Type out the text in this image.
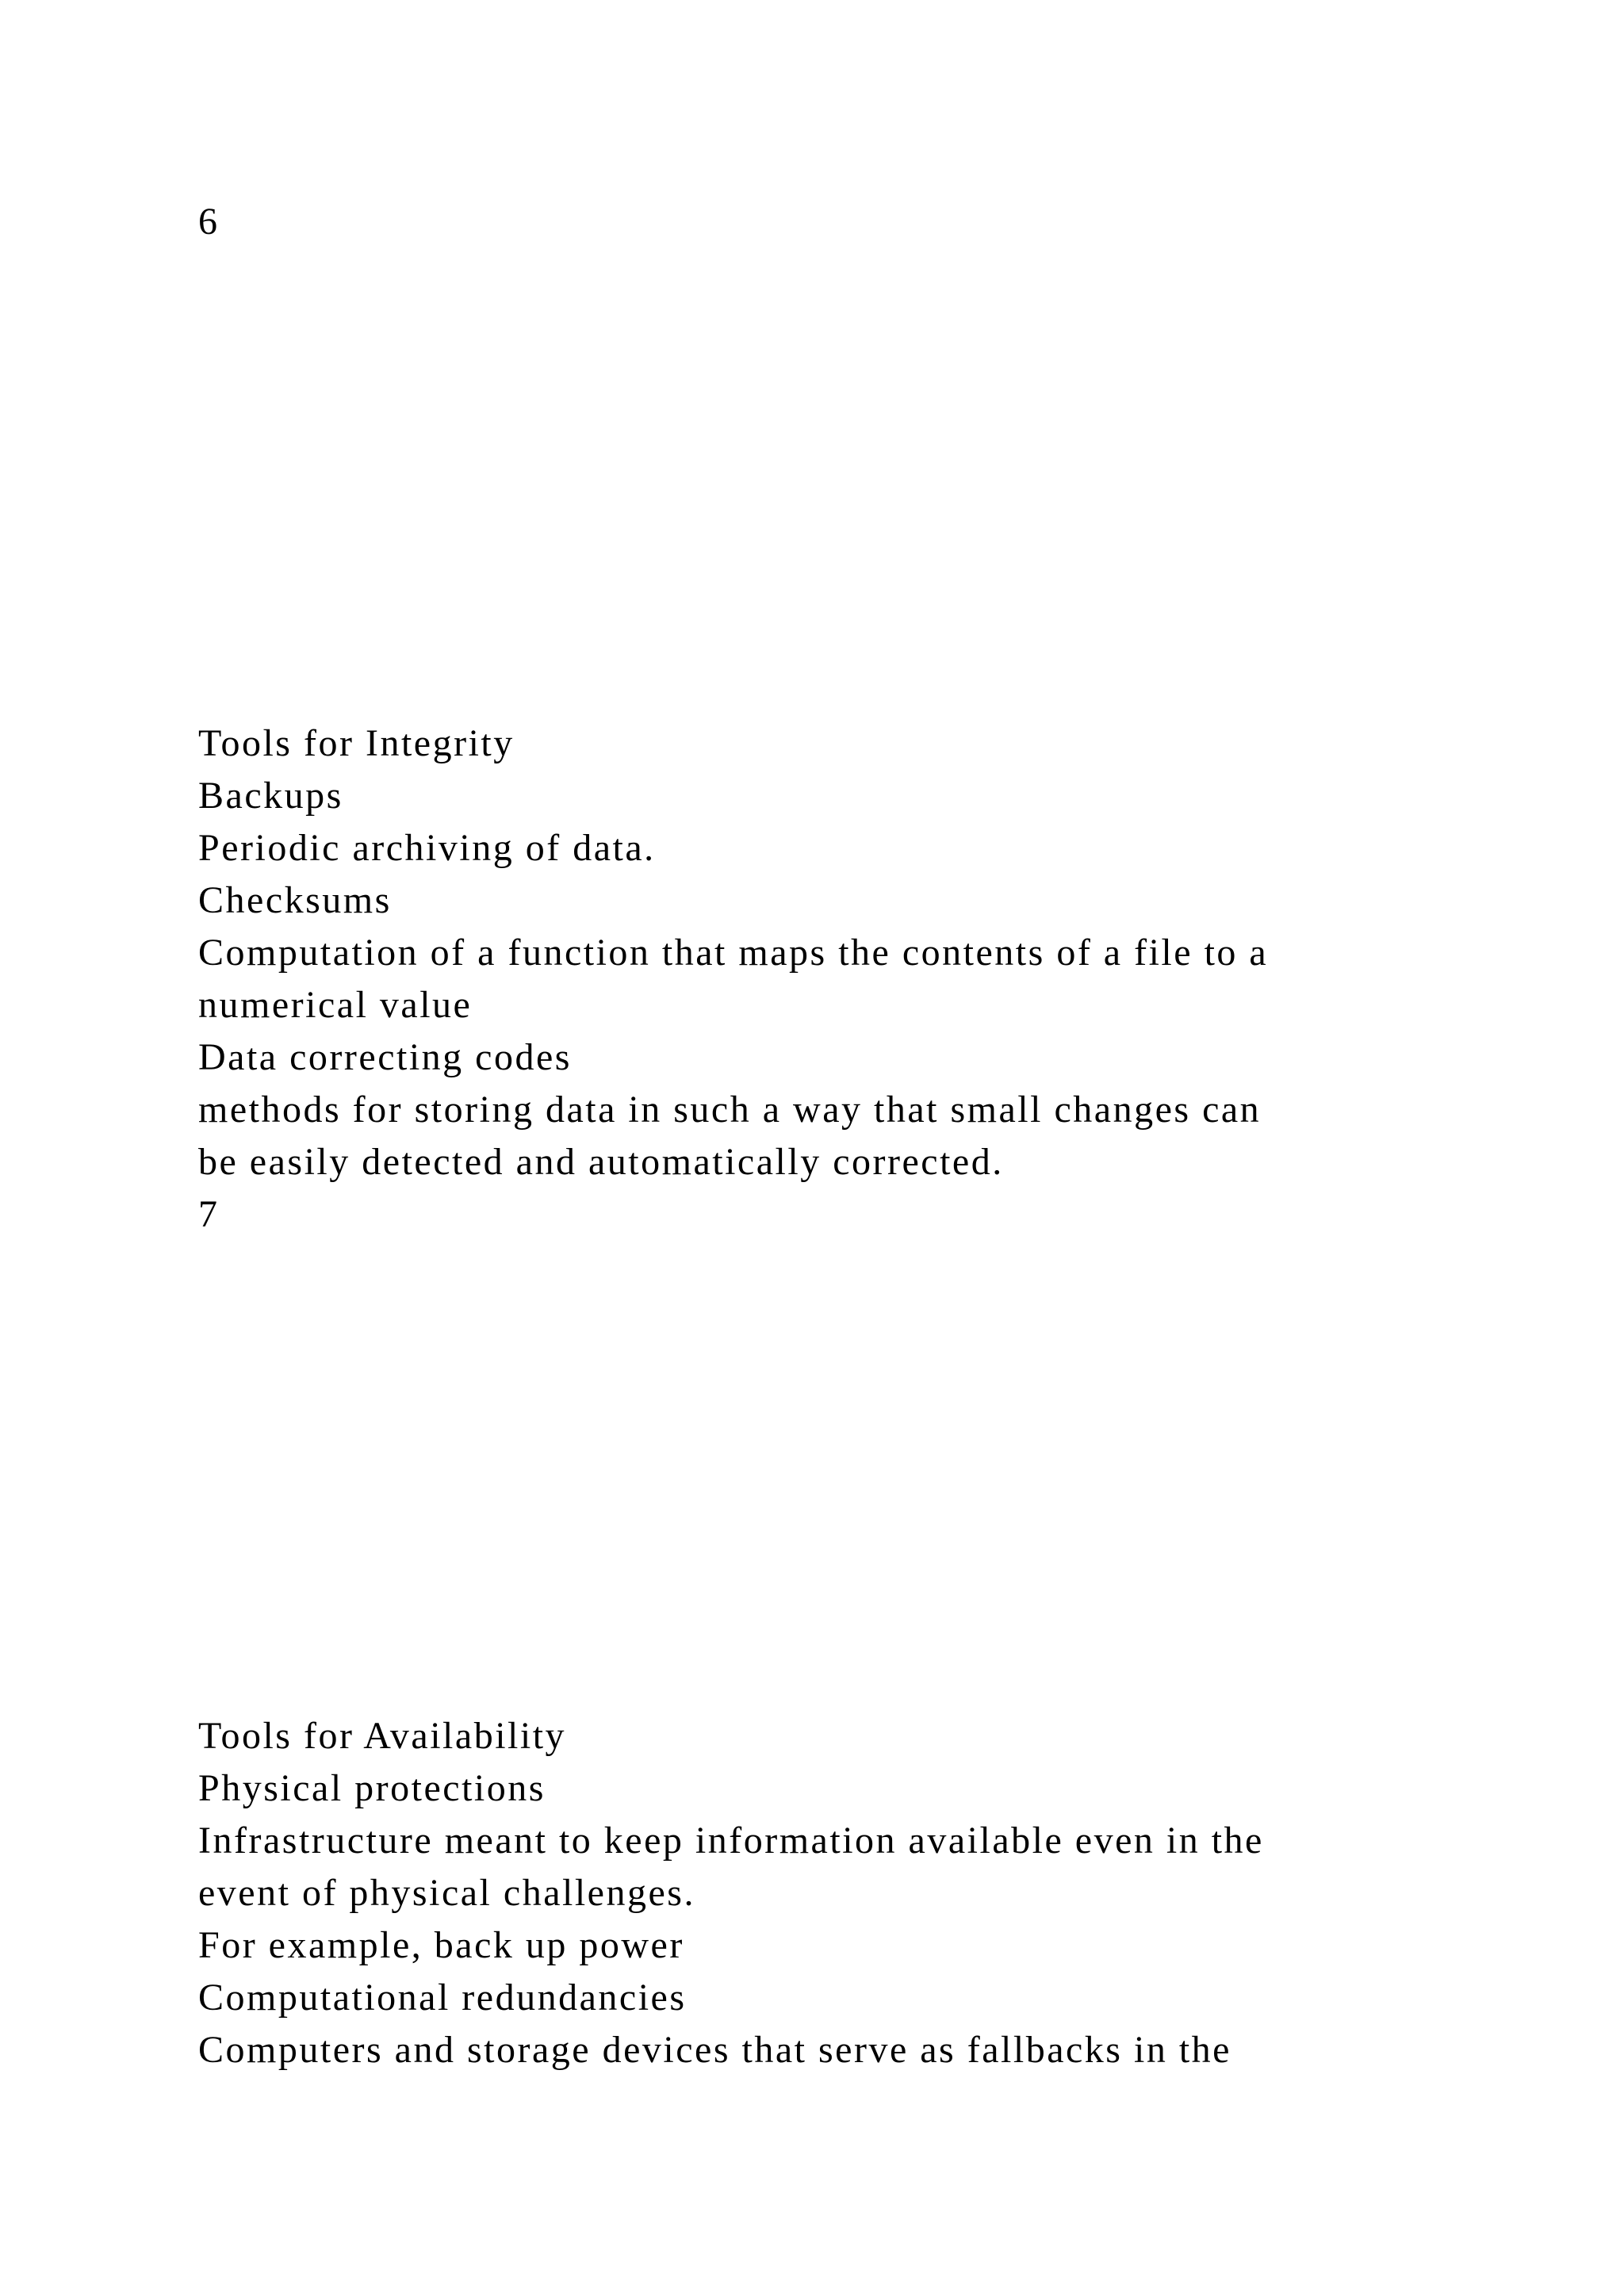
6

Tools for Integrity

Backups

Periodic archiving of data.

Checksums

Computation of a function that maps the contents of a file to a

numerical value

Data correcting codes

methods for storing data in such a way that small changes can

be easily detected and automatically corrected.

7

Tools for Availability

Physical protections

Infrastructure meant to keep information available even in the

event of physical challenges.

For example, back up power

Computational redundancies

Computers and storage devices that serve as fallbacks in the
